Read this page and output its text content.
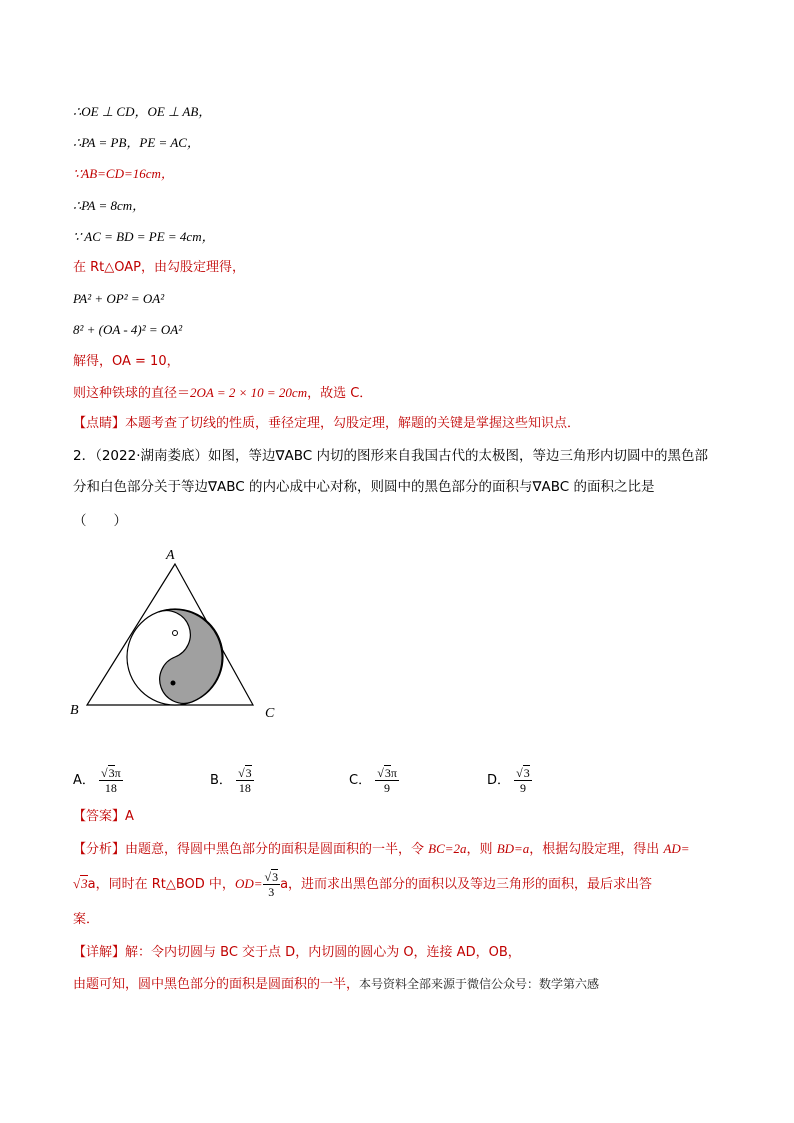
∴OE ⊥ CD，OE ⊥ AB，
∴PA = PB，PE = AC，
∵AB=CD=16cm，
∴PA = 8cm，
∵ AC = BD = PE = 4cm，
在 Rt△OAP，由勾股定理得，
PA² + OP² = OA²
8² + (OA - 4)² = OA²
解得，OA = 10，
则这种铁球的直径＝2OA = 2 × 10 = 20cm，故选 C．
【点睛】本题考查了切线的性质，垂径定理，勾股定理，解题的关键是掌握这些知识点．
2．（2022·湖南娄底）如图，等边∇ABC 内切的图形来自我国古代的太极图，等边三角形内切圆中的黑色部
分和白色部分关于等边∇ABC 的内心成中心对称，则圆中的黑色部分的面积与∇ABC 的面积之比是
（　　）
A
B	C
A． $\frac{√3\pi}{18}$	B． $\frac{√3}{18}$	C． $\frac{√3\pi}{9}$	D． $\frac{√3}{9}$
【答案】A
【分析】由题意，得圆中黑色部分的面积是圆面积的一半，令 BC=2a，则 BD=a，根据勾股定理，得出 AD=
√3a，同时在 Rt△BOD 中，$OD= \frac{√3}{3}$ a，进而求出黑色部分的面积以及等边三角形的面积，最后求出答
案．
【详解】解：令内切圆与 BC 交于点 D，内切圆的圆心为 O，连接 AD，OB，
由题可知，圆中黑色部分的面积是圆面积的一半，本号资料全部来源于微信公众号：数学第六感
